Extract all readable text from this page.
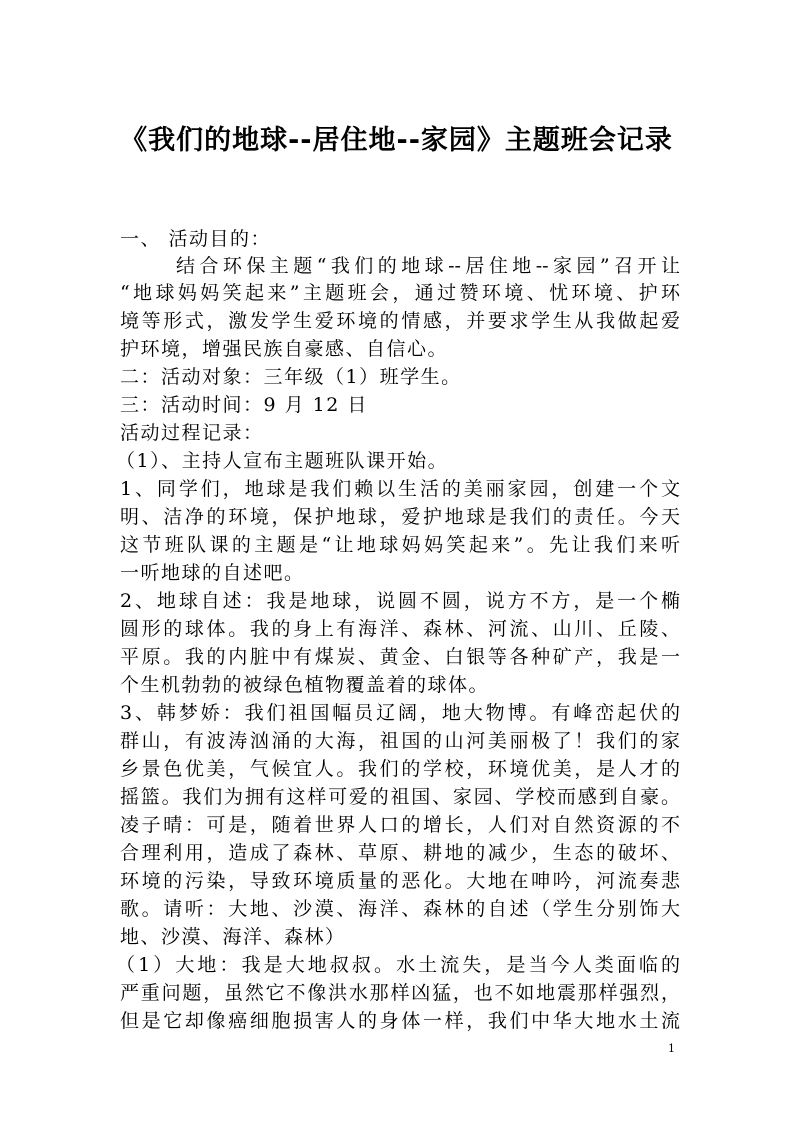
《我们的地球--居住地--家园》主题班会记录
一、 活动目的：
结合环保主题“我们的地球--居住地--家园”召开让
“地球妈妈笑起来”主题班会，通过赞环境、忧环境、护环
境等形式，激发学生爱环境的情感，并要求学生从我做起爱
护环境，增强民族自豪感、自信心。
二：活动对象：三年级（1）班学生。
三：活动时间：9 月 12 日
活动过程记录：
（1）、主持人宣布主题班队课开始。
1、同学们，地球是我们赖以生活的美丽家园，创建一个文
明、洁净的环境，保护地球，爱护地球是我们的责任。今天
这节班队课的主题是“让地球妈妈笑起来”。先让我们来听
一听地球的自述吧。
2、地球自述：我是地球，说圆不圆，说方不方，是一个椭
圆形的球体。我的身上有海洋、森林、河流、山川、丘陵、
平原。我的内脏中有煤炭、黄金、白银等各种矿产，我是一
个生机勃勃的被绿色植物覆盖着的球体。
3、韩梦娇：我们祖国幅员辽阔，地大物博。有峰峦起伏的
群山，有波涛汹涌的大海，祖国的山河美丽极了！我们的家
乡景色优美，气候宜人。我们的学校，环境优美，是人才的
摇篮。我们为拥有这样可爱的祖国、家园、学校而感到自豪。
凌子晴：可是，随着世界人口的增长，人们对自然资源的不
合理利用，造成了森林、草原、耕地的减少，生态的破坏、
环境的污染，导致环境质量的恶化。大地在呻吟，河流奏悲
歌。请听：大地、沙漠、海洋、森林的自述（学生分别饰大
地、沙漠、海洋、森林）
（1）大地：我是大地叔叔。水土流失，是当今人类面临的
严重问题，虽然它不像洪水那样凶猛，也不如地震那样强烈，
但是它却像癌细胞损害人的身体一样，我们中华大地水土流
1
